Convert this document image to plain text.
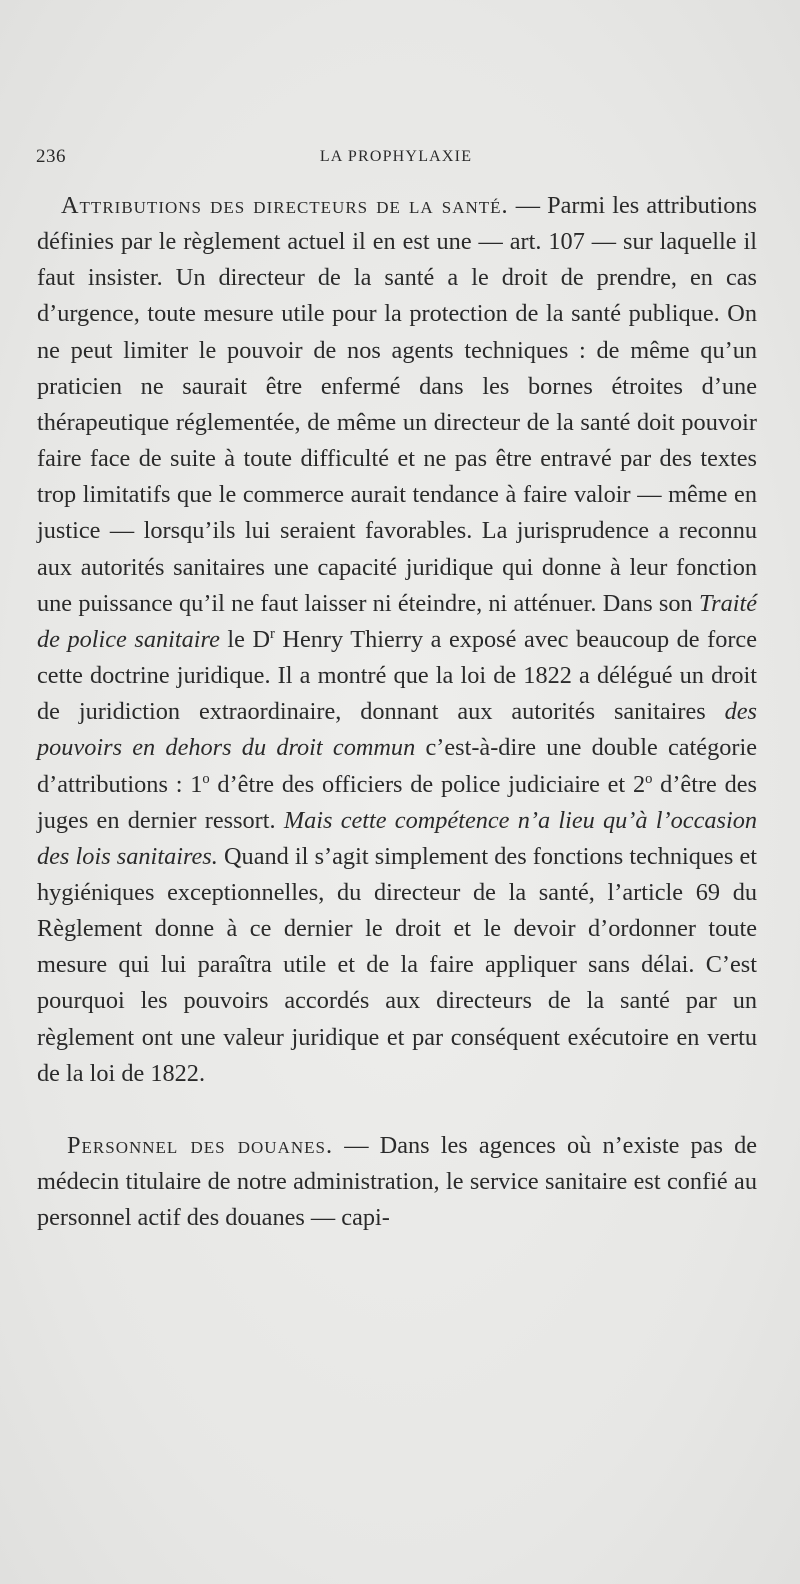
236	LA PROPHYLAXIE

Attributions des directeurs de la santé. — Parmi les attributions définies par le règlement actuel il en est une — art. 107 — sur laquelle il faut insister. Un directeur de la santé a le droit de prendre, en cas d’urgence, toute mesure utile pour la protection de la santé publique. On ne peut limiter le pouvoir de nos agents techniques : de même qu’un praticien ne saurait être enfermé dans les bornes étroites d’une thérapeutique réglementée, de même un directeur de la santé doit pouvoir faire face de suite à toute difficulté et ne pas être entravé par des textes trop limitatifs que le commerce aurait tendance à faire valoir — même en justice — lorsqu’ils lui seraient favorables. La jurisprudence a reconnu aux autorités sanitaires une capacité juridique qui donne à leur fonction une puissance qu’il ne faut laisser ni éteindre, ni atténuer. Dans son Traité de police sanitaire le $D^r$ Henry Thierry a exposé avec beaucoup de force cette doctrine juridique. Il a montré que la loi de 1822 a délégué un droit de juridiction extraordinaire, donnant aux autorités sanitaires des pouvoirs en dehors du droit commun c’est-à-dire une double catégorie d’attributions : 1$^o$ d’être des officiers de police judiciaire et 2$^o$ d’être des juges en dernier ressort. Mais cette compétence n’a lieu qu’à l’occasion des lois sanitaires. Quand il s’agit simplement des fonctions techniques et hygiéniques exceptionnelles, du directeur de la santé, l’article 69 du Règlement donne à ce dernier le droit et le devoir d’ordonner toute mesure qui lui paraîtra utile et de la faire appliquer sans délai. C’est pourquoi les pouvoirs accordés aux directeurs de la santé par un règlement ont une valeur juridique et par conséquent exécutoire en vertu de la loi de 1822.

Personnel des douanes. — Dans les agences où n’existe pas de médecin titulaire de notre administration, le service sanitaire est confié au personnel actif des douanes — capi-
